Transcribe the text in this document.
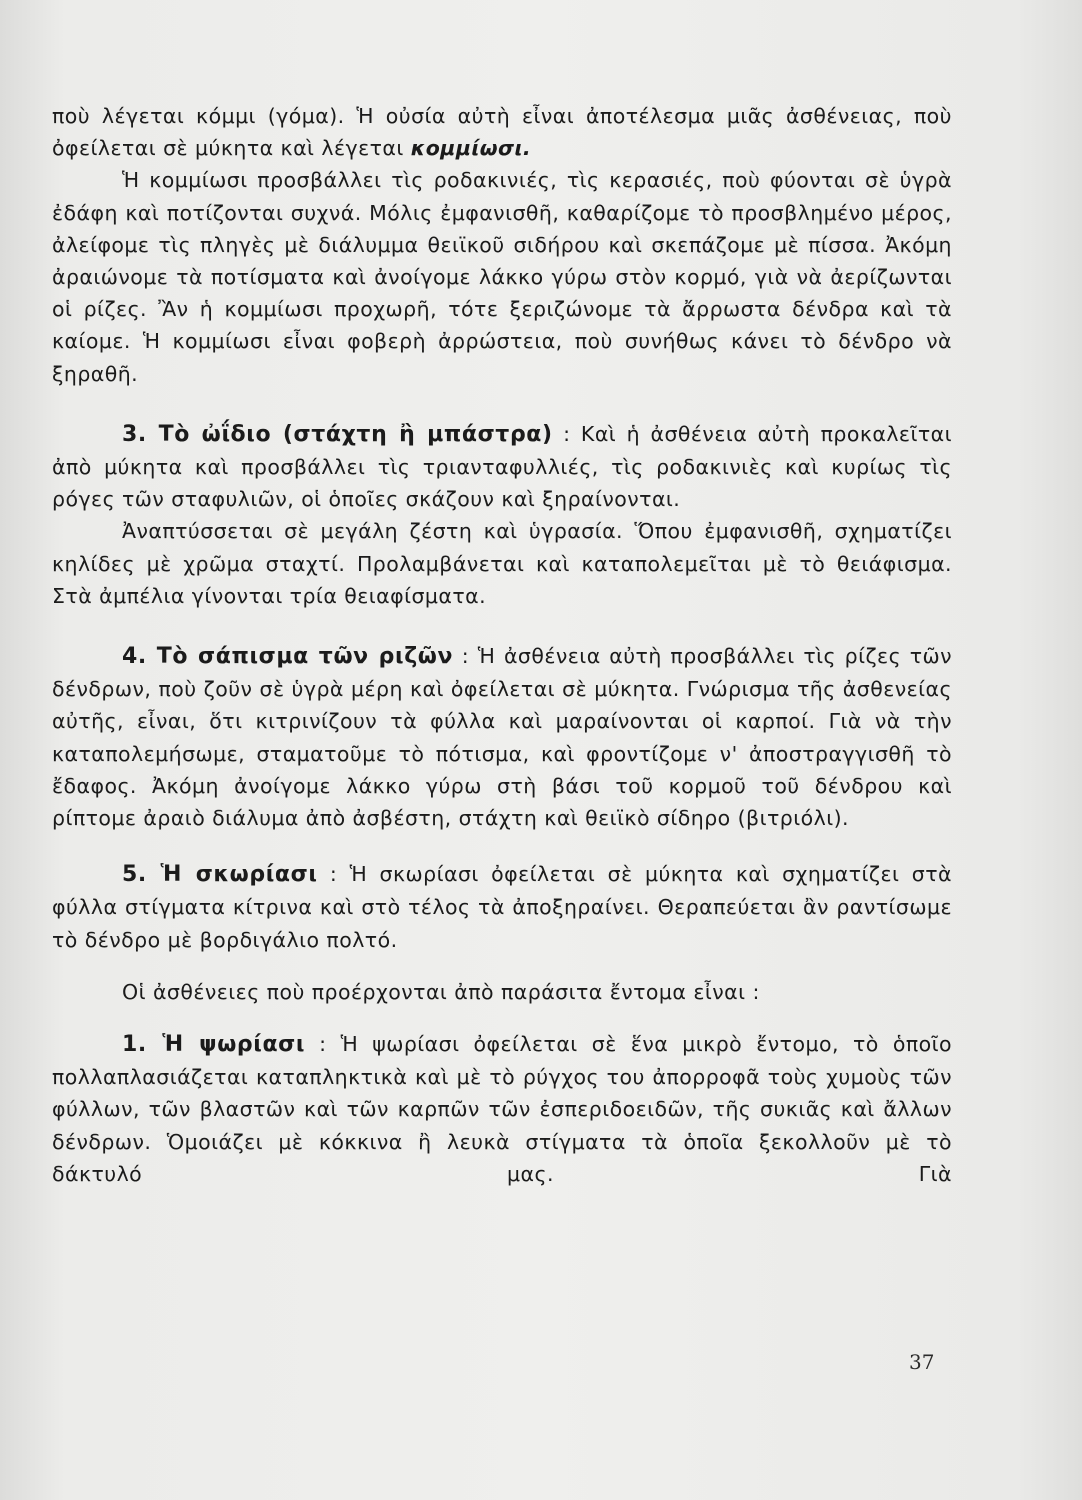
ποὺ λέγεται κόμμι (γόμα). Ἡ οὐσία αὐτὴ εἶναι ἀποτέλεσμα μιᾶς ἀσθένειας, ποὺ ὀφείλεται σὲ μύκητα καὶ λέγεται κομμίωσι.

Ἡ κομμίωσι προσβάλλει τὶς ροδακινιές, τὶς κερασιές, ποὺ φύονται σὲ ὑγρὰ ἐδάφη καὶ ποτίζονται συχνά. Μόλις ἐμφανισθῆ, καθαρίζομε τὸ προσβλημένο μέρος, ἀλείφομε τὶς πληγὲς μὲ διάλυμμα θειϊκοῦ σιδήρου καὶ σκεπάζομε μὲ πίσσα. Ἀκόμη ἀραιώνομε τὰ ποτίσματα καὶ ἀνοίγομε λάκκο γύρω στὸν κορμό, γιὰ νὰ ἀερίζωνται οἱ ρίζες. Ἂν ἡ κομμίωσι προχωρῆ, τότε ξεριζώνομε τὰ ἄρρωστα δένδρα καὶ τὰ καίομε. Ἡ κομμίωσι εἶναι φοβερὴ ἀρρώστεια, ποὺ συνήθως κάνει τὸ δένδρο νὰ ξηραθῆ.

3. Τὸ ὠΐδιο (στάχτη ἢ μπάστρα) : Καὶ ἡ ἀσθένεια αὐτὴ προκαλεῖται ἀπὸ μύκητα καὶ προσβάλλει τὶς τριανταφυλλιές, τὶς ροδακινιὲς καὶ κυρίως τὶς ρόγες τῶν σταφυλιῶν, οἱ ὁποῖες σκάζουν καὶ ξηραίνονται.

Ἀναπτύσσεται σὲ μεγάλη ζέστη καὶ ὑγρασία. Ὅπου ἐμφανισθῆ, σχηματίζει κηλίδες μὲ χρῶμα σταχτί. Προλαμβάνεται καὶ καταπολεμεῖται μὲ τὸ θειάφισμα. Στὰ ἀμπέλια γίνονται τρία θειαφίσματα.

4. Τὸ σάπισμα τῶν ριζῶν : Ἡ ἀσθένεια αὐτὴ προσβάλλει τὶς ρίζες τῶν δένδρων, ποὺ ζοῦν σὲ ὑγρὰ μέρη καὶ ὀφείλεται σὲ μύκητα. Γνώρισμα τῆς ἀσθενείας αὐτῆς, εἶναι, ὅτι κιτρινίζουν τὰ φύλλα καὶ μαραίνονται οἱ καρποί. Γιὰ νὰ τὴν καταπολεμήσωμε, σταματοῦμε τὸ πότισμα, καὶ φροντίζομε ν' ἀποστραγγισθῆ τὸ ἔδαφος. Ἀκόμη ἀνοίγομε λάκκο γύρω στὴ βάσι τοῦ κορμοῦ τοῦ δένδρου καὶ ρίπτομε ἀραιὸ διάλυμα ἀπὸ ἀσβέστη, στάχτη καὶ θειϊκὸ σίδηρο (βιτριόλι).

5. Ἡ σκωρίασι : Ἡ σκωρίασι ὀφείλεται σὲ μύκητα καὶ σχηματίζει στὰ φύλλα στίγματα κίτρινα καὶ στὸ τέλος τὰ ἀποξηραίνει. Θεραπεύεται ἂν ραντίσωμε τὸ δένδρο μὲ βορδιγάλιο πολτό.

Οἱ ἀσθένειες ποὺ προέρχονται ἀπὸ παράσιτα ἔντομα εἶναι :

1. Ἡ ψωρίασι : Ἡ ψωρίασι ὀφείλεται σὲ ἕνα μικρὸ ἔντομο, τὸ ὁποῖο πολλαπλασιάζεται καταπληκτικὰ καὶ μὲ τὸ ρύγχος του ἀπορροφᾶ τοὺς χυμοὺς τῶν φύλλων, τῶν βλαστῶν καὶ τῶν καρπῶν τῶν ἐσπεριδοειδῶν, τῆς συκιᾶς καὶ ἄλλων δένδρων. Ὁμοιάζει μὲ κόκκινα ἢ λευκὰ στίγματα τὰ ὁποῖα ξεκολλοῦν μὲ τὸ δάκτυλό μας. Γιὰ

37
